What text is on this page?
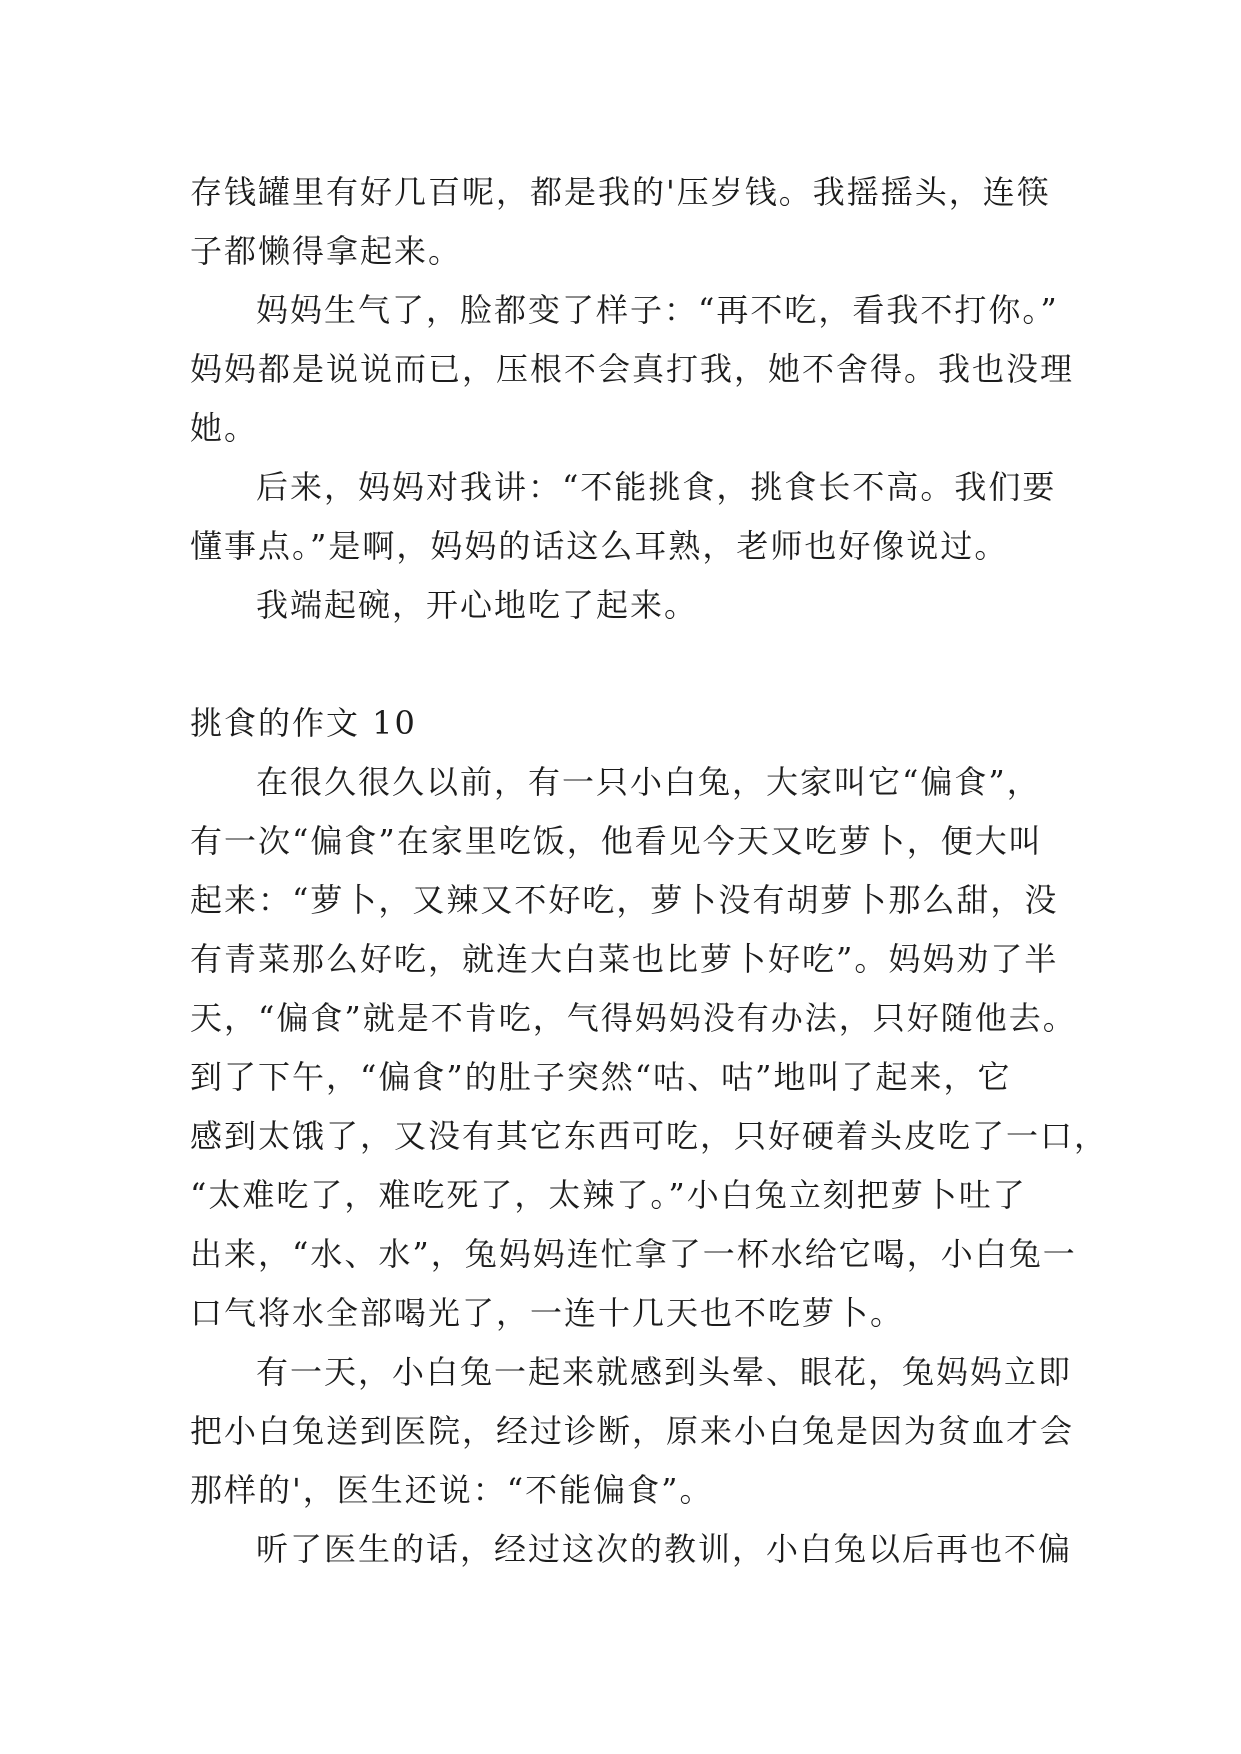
存钱罐里有好几百呢，都是我的'压岁钱。我摇摇头，连筷
子都懒得拿起来。

妈妈生气了，脸都变了样子：“再不吃，看我不打你。”
妈妈都是说说而已，压根不会真打我，她不舍得。我也没理
她。

后来，妈妈对我讲：“不能挑食，挑食长不高。我们要
懂事点。”是啊，妈妈的话这么耳熟，老师也好像说过。

我端起碗，开心地吃了起来。

挑食的作文 10

在很久很久以前，有一只小白兔，大家叫它“偏食”，
有一次“偏食”在家里吃饭，他看见今天又吃萝卜，便大叫
起来：“萝卜，又辣又不好吃，萝卜没有胡萝卜那么甜，没
有青菜那么好吃，就连大白菜也比萝卜好吃”。妈妈劝了半
天，“偏食”就是不肯吃，气得妈妈没有办法，只好随他去。
到了下午，“偏食”的肚子突然“咕、咕”地叫了起来，它
感到太饿了，又没有其它东西可吃，只好硬着头皮吃了一口，
“太难吃了，难吃死了，太辣了。”小白兔立刻把萝卜吐了
出来，“水、水”，兔妈妈连忙拿了一杯水给它喝，小白兔一
口气将水全部喝光了，一连十几天也不吃萝卜。

有一天，小白兔一起来就感到头晕、眼花，兔妈妈立即
把小白兔送到医院，经过诊断，原来小白兔是因为贫血才会
那样的'，医生还说：“不能偏食”。

听了医生的话，经过这次的教训，小白兔以后再也不偏
